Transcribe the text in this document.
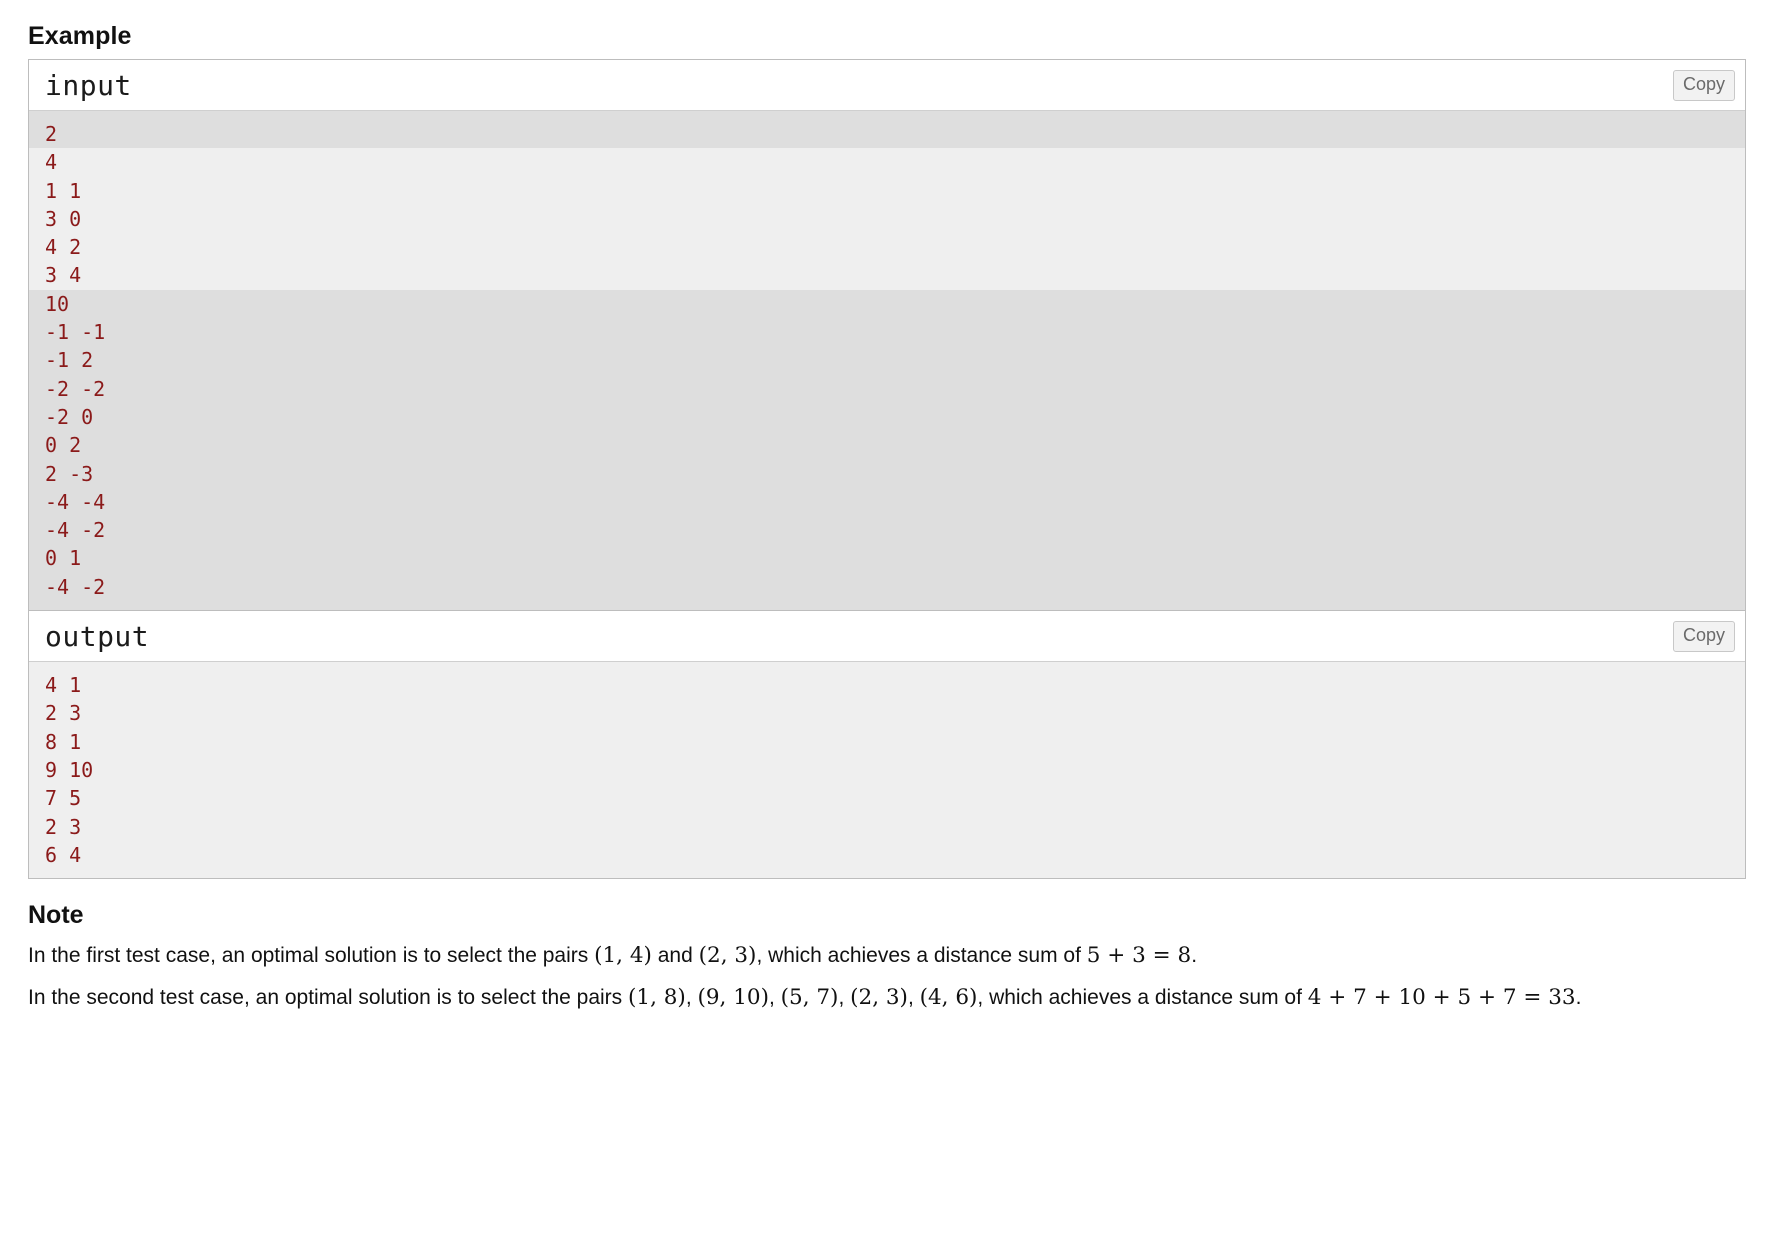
Example
input	Copy
2
4
1 1
3 0
4 2
3 4
10
-1 -1
-1 2
-2 -2
-2 0
0 2
2 -3
-4 -4
-4 -2
0 1
-4 -2
output	Copy
4 1
2 3
8 1
9 10
7 5
2 3
6 4
Note

In the first test case, an optimal solution is to select the pairs (1, 4) and (2, 3), which achieves a distance sum of 5 + 3 = 8.

In the second test case, an optimal solution is to select the pairs (1, 8), (9, 10), (5, 7), (2, 3), (4, 6), which achieves a distance sum of 4 + 7 + 10 + 5 + 7 = 33.
